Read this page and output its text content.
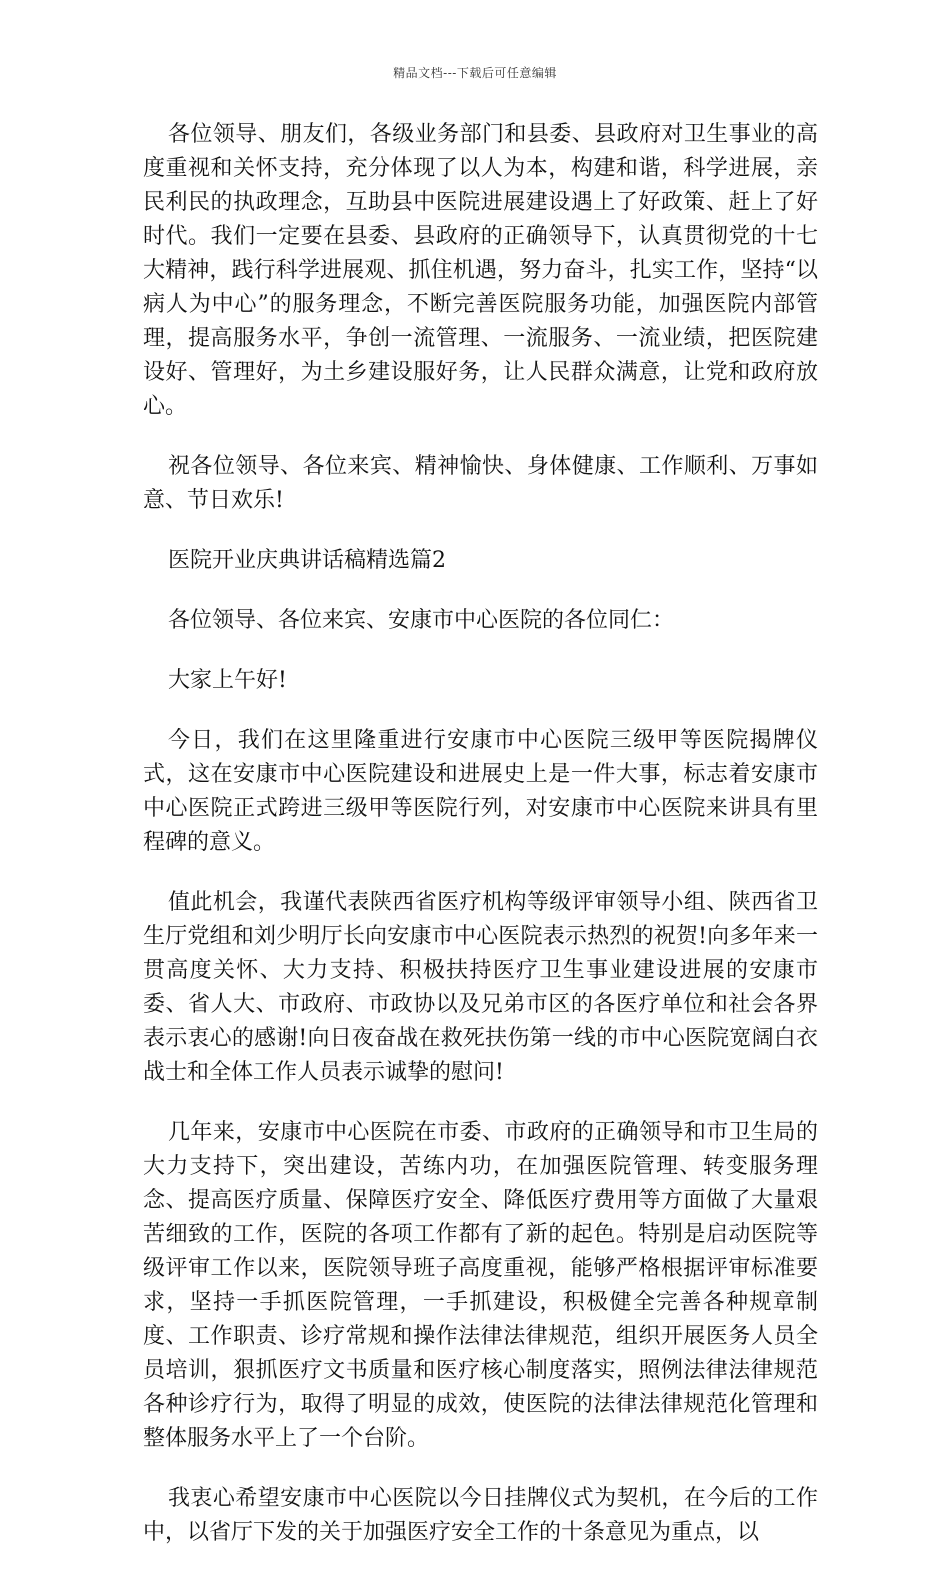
精品文档---下载后可任意编辑

各位领导、朋友们，各级业务部门和县委、县政府对卫生事业的高度重视和关怀支持，充分体现了以人为本，构建和谐，科学进展，亲民利民的执政理念，互助县中医院进展建设遇上了好政策、赶上了好时代。我们一定要在县委、县政府的正确领导下，认真贯彻党的十七大精神，践行科学进展观、抓住机遇，努力奋斗，扎实工作，坚持“以病人为中心”的服务理念，不断完善医院服务功能，加强医院内部管理，提高服务水平，争创一流管理、一流服务、一流业绩，把医院建设好、管理好，为土乡建设服好务，让人民群众满意，让党和政府放心。

祝各位领导、各位来宾、精神愉快、身体健康、工作顺利、万事如意、节日欢乐!

医院开业庆典讲话稿精选篇2

各位领导、各位来宾、安康市中心医院的各位同仁：

大家上午好!

今日，我们在这里隆重进行安康市中心医院三级甲等医院揭牌仪式，这在安康市中心医院建设和进展史上是一件大事，标志着安康市中心医院正式跨进三级甲等医院行列，对安康市中心医院来讲具有里程碑的意义。

值此机会，我谨代表陕西省医疗机构等级评审领导小组、陕西省卫生厅党组和刘少明厅长向安康市中心医院表示热烈的祝贺!向多年来一贯高度关怀、大力支持、积极扶持医疗卫生事业建设进展的安康市委、省人大、市政府、市政协以及兄弟市区的各医疗单位和社会各界表示衷心的感谢!向日夜奋战在救死扶伤第一线的市中心医院宽阔白衣战士和全体工作人员表示诚挚的慰问!

几年来，安康市中心医院在市委、市政府的正确领导和市卫生局的大力支持下，突出建设，苦练内功，在加强医院管理、转变服务理念、提高医疗质量、保障医疗安全、降低医疗费用等方面做了大量艰苦细致的工作，医院的各项工作都有了新的起色。特别是启动医院等级评审工作以来，医院领导班子高度重视，能够严格根据评审标准要求，坚持一手抓医院管理，一手抓建设，积极健全完善各种规章制度、工作职责、诊疗常规和操作法律法律规范，组织开展医务人员全员培训，狠抓医疗文书质量和医疗核心制度落实，照例法律法律规范各种诊疗行为，取得了明显的成效，使医院的法律法律规范化管理和整体服务水平上了一个台阶。

我衷心希望安康市中心医院以今日挂牌仪式为契机，在今后的工作中，以省厅下发的关于加强医疗安全工作的十条意见为重点，以
